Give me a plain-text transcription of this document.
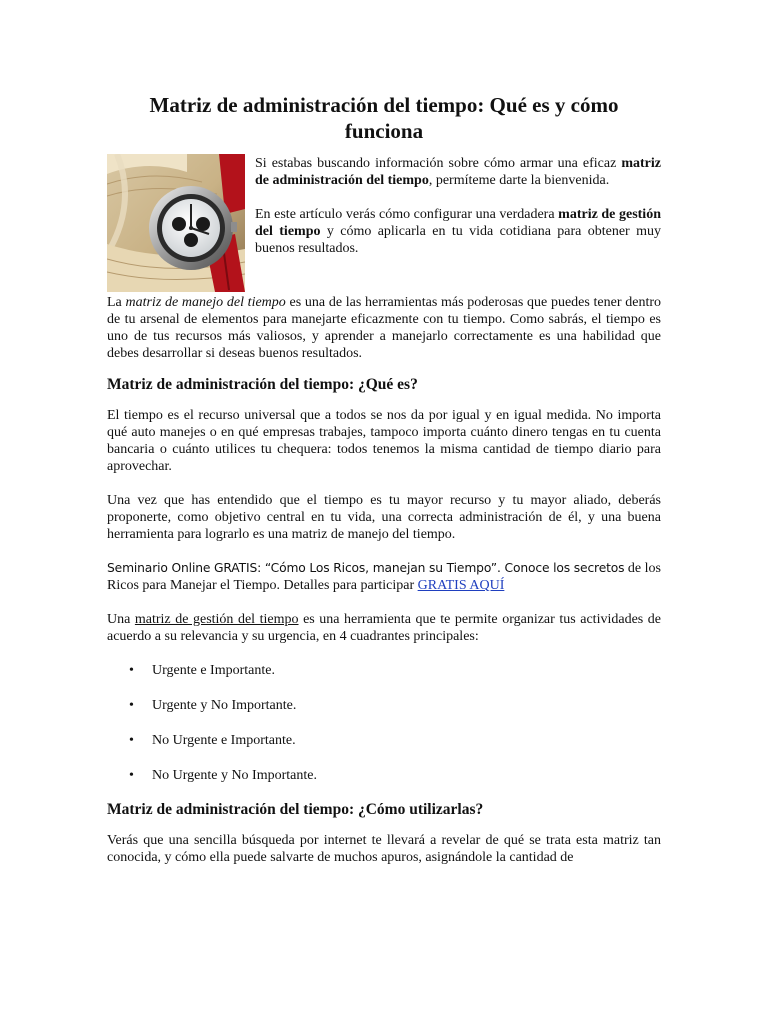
Matriz de administración del tiempo: Qué es y cómo funciona

Si estabas buscando información sobre cómo armar una eficaz matriz de administración del tiempo, permíteme darte la bienvenida.

En este artículo verás cómo configurar una verdadera matriz de gestión del tiempo y cómo aplicarla en tu vida cotidiana para obtener muy buenos resultados.

La matriz de manejo del tiempo es una de las herramientas más poderosas que puedes tener dentro de tu arsenal de elementos para manejarte eficazmente con tu tiempo. Como sabrás, el tiempo es uno de tus recursos más valiosos, y aprender a manejarlo correctamente es una habilidad que debes desarrollar si deseas buenos resultados.

Matriz de administración del tiempo: ¿Qué es?

El tiempo es el recurso universal que a todos se nos da por igual y en igual medida. No importa qué auto manejes o en qué empresas trabajes, tampoco importa cuánto dinero tengas en tu cuenta bancaria o cuánto utilices tu chequera: todos tenemos la misma cantidad de tiempo diario para aprovechar.

Una vez que has entendido que el tiempo es tu mayor recurso y tu mayor aliado, deberás proponerte, como objetivo central en tu vida, una correcta administración de él, y una buena herramienta para lograrlo es una matriz de manejo del tiempo.

Seminario Online GRATIS: “Cómo Los Ricos, manejan su Tiempo”. Conoce los secretos de los Ricos para Manejar el Tiempo. Detalles para participar GRATIS AQUÍ

Una matriz de gestión del tiempo es una herramienta que te permite organizar tus actividades de acuerdo a su relevancia y su urgencia, en 4 cuadrantes principales:

• Urgente e Importante.
• Urgente y No Importante.
• No Urgente e Importante.
• No Urgente y No Importante.
Matriz de administración del tiempo: ¿Cómo utilizarlas?

Verás que una sencilla búsqueda por internet te llevará a revelar de qué se trata esta matriz tan conocida, y cómo ella puede salvarte de muchos apuros, asignándole la cantidad de
